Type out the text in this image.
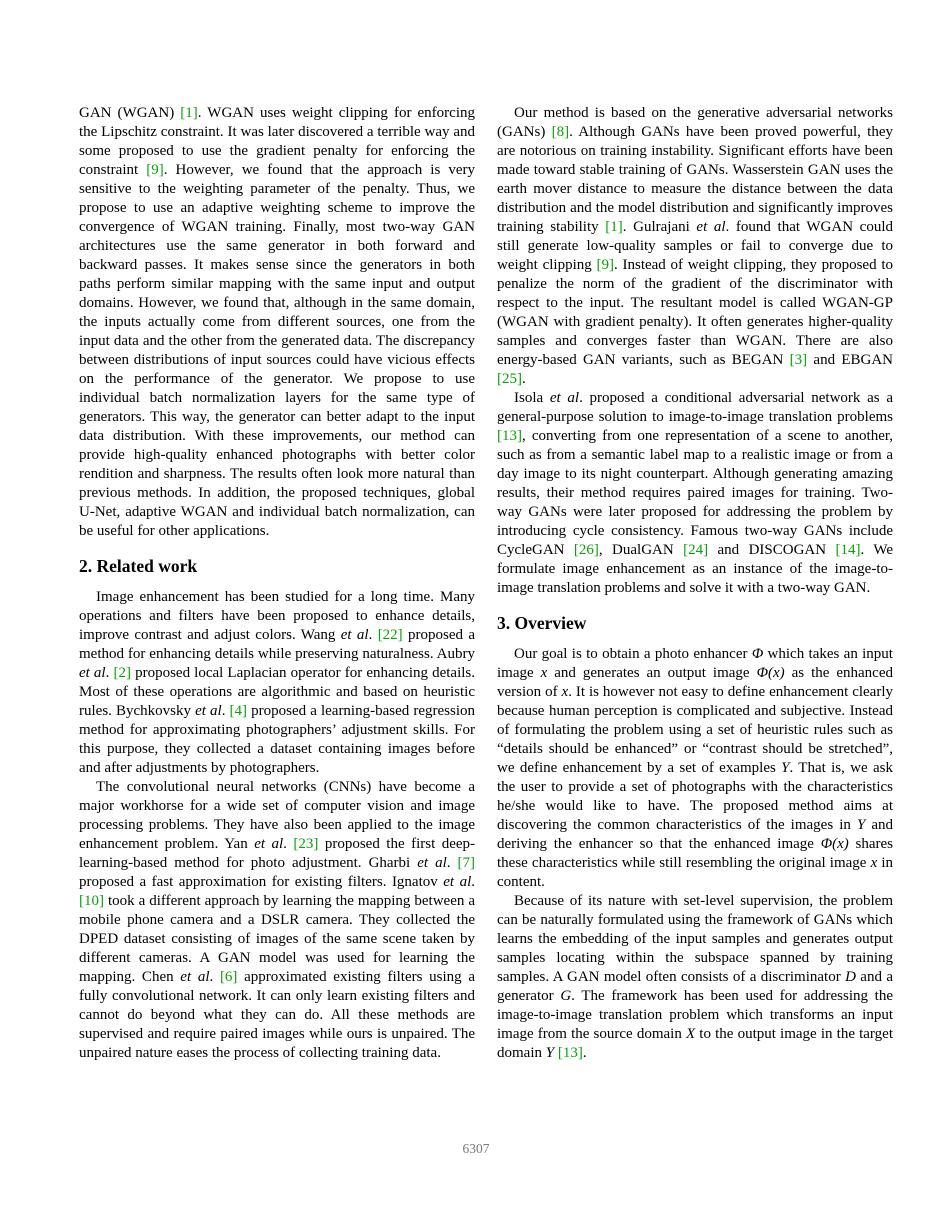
GAN (WGAN) [1]. WGAN uses weight clipping for enforcing the Lipschitz constraint. It was later discovered a terrible way and some proposed to use the gradient penalty for enforcing the constraint [9]. However, we found that the approach is very sensitive to the weighting parameter of the penalty. Thus, we propose to use an adaptive weighting scheme to improve the convergence of WGAN training. Finally, most two-way GAN architectures use the same generator in both forward and backward passes. It makes sense since the generators in both paths perform similar mapping with the same input and output domains. However, we found that, although in the same domain, the inputs actually come from different sources, one from the input data and the other from the generated data. The discrepancy between distributions of input sources could have vicious effects on the performance of the generator. We propose to use individual batch normalization layers for the same type of generators. This way, the generator can better adapt to the input data distribution. With these improvements, our method can provide high-quality enhanced photographs with better color rendition and sharpness. The results often look more natural than previous methods. In addition, the proposed techniques, global U-Net, adaptive WGAN and individual batch normalization, can be useful for other applications.

2. Related work

Image enhancement has been studied for a long time. Many operations and filters have been proposed to enhance details, improve contrast and adjust colors. Wang et al. [22] proposed a method for enhancing details while preserving naturalness. Aubry et al. [2] proposed local Laplacian operator for enhancing details. Most of these operations are algorithmic and based on heuristic rules. Bychkovsky et al. [4] proposed a learning-based regression method for approximating photographers’ adjustment skills. For this purpose, they collected a dataset containing images before and after adjustments by photographers.

The convolutional neural networks (CNNs) have become a major workhorse for a wide set of computer vision and image processing problems. They have also been applied to the image enhancement problem. Yan et al. [23] proposed the first deep-learning-based method for photo adjustment. Gharbi et al. [7] proposed a fast approximation for existing filters. Ignatov et al. [10] took a different approach by learning the mapping between a mobile phone camera and a DSLR camera. They collected the DPED dataset consisting of images of the same scene taken by different cameras. A GAN model was used for learning the mapping. Chen et al. [6] approximated existing filters using a fully convolutional network. It can only learn existing filters and cannot do beyond what they can do. All these methods are supervised and require paired images while ours is unpaired. The unpaired nature eases the process of collecting training data.

Our method is based on the generative adversarial networks (GANs) [8]. Although GANs have been proved powerful, they are notorious on training instability. Significant efforts have been made toward stable training of GANs. Wasserstein GAN uses the earth mover distance to measure the distance between the data distribution and the model distribution and significantly improves training stability [1]. Gulrajani et al. found that WGAN could still generate low-quality samples or fail to converge due to weight clipping [9]. Instead of weight clipping, they proposed to penalize the norm of the gradient of the discriminator with respect to the input. The resultant model is called WGAN-GP (WGAN with gradient penalty). It often generates higher-quality samples and converges faster than WGAN. There are also energy-based GAN variants, such as BEGAN [3] and EBGAN [25].

Isola et al. proposed a conditional adversarial network as a general-purpose solution to image-to-image translation problems [13], converting from one representation of a scene to another, such as from a semantic label map to a realistic image or from a day image to its night counterpart. Although generating amazing results, their method requires paired images for training. Two-way GANs were later proposed for addressing the problem by introducing cycle consistency. Famous two-way GANs include CycleGAN [26], DualGAN [24] and DISCOGAN [14]. We formulate image enhancement as an instance of the image-to-image translation problems and solve it with a two-way GAN.

3. Overview

Our goal is to obtain a photo enhancer Φ which takes an input image x and generates an output image Φ(x) as the enhanced version of x. It is however not easy to define enhancement clearly because human perception is complicated and subjective. Instead of formulating the problem using a set of heuristic rules such as “details should be enhanced” or “contrast should be stretched”, we define enhancement by a set of examples Y. That is, we ask the user to provide a set of photographs with the characteristics he/she would like to have. The proposed method aims at discovering the common characteristics of the images in Y and deriving the enhancer so that the enhanced image Φ(x) shares these characteristics while still resembling the original image x in content.

Because of its nature with set-level supervision, the problem can be naturally formulated using the framework of GANs which learns the embedding of the input samples and generates output samples locating within the subspace spanned by training samples. A GAN model often consists of a discriminator D and a generator G. The framework has been used for addressing the image-to-image translation problem which transforms an input image from the source domain X to the output image in the target domain Y [13].

6307
